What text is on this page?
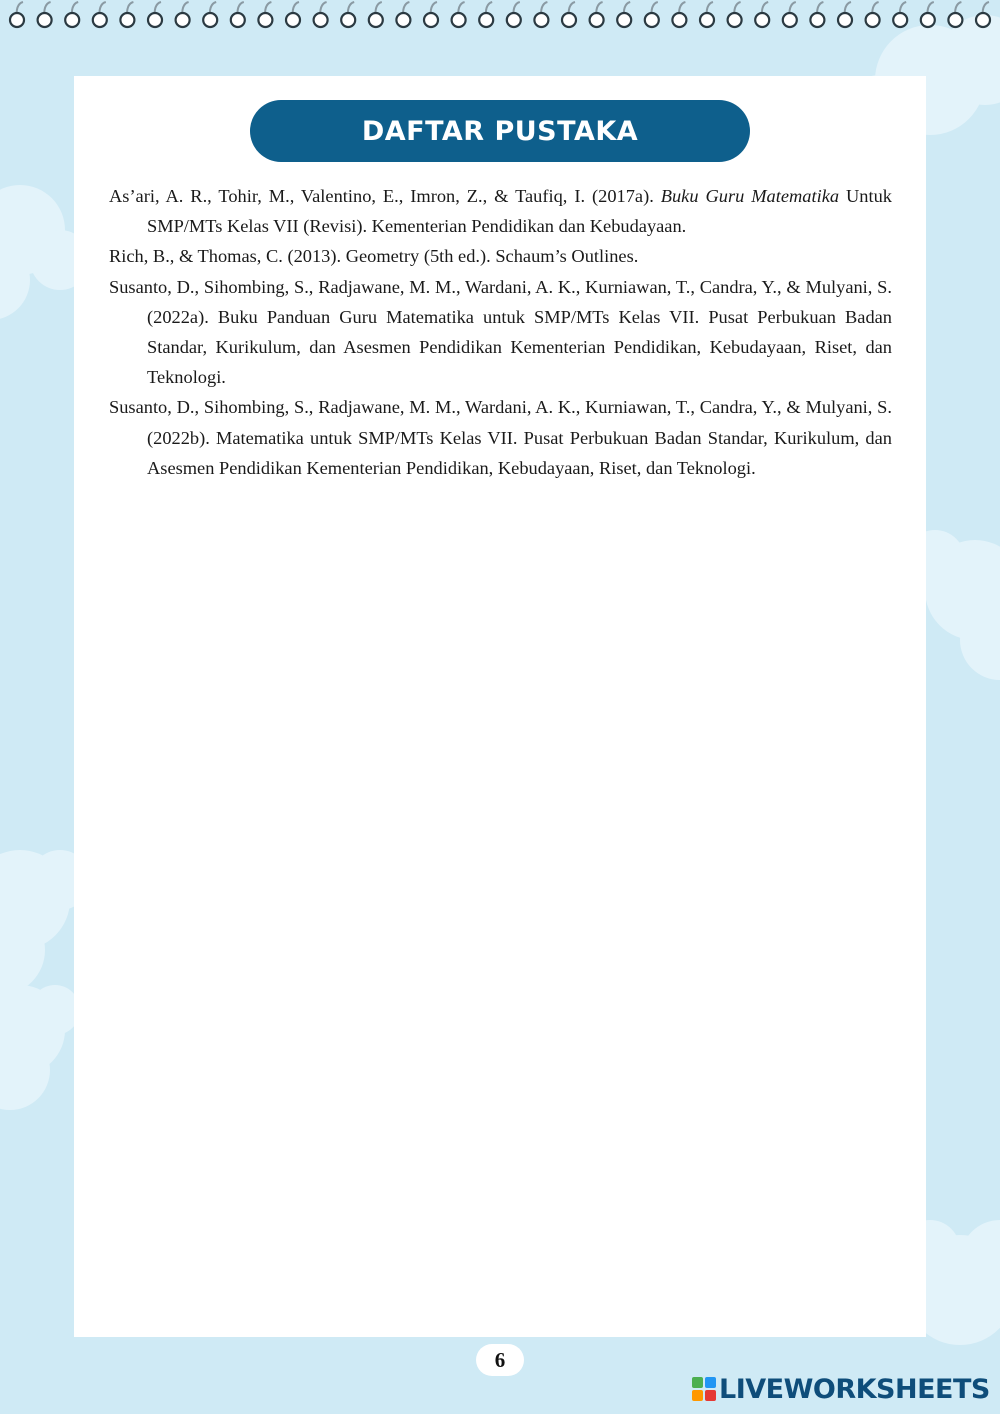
DAFTAR PUSTAKA

As’ari, A. R., Tohir, M., Valentino, E., Imron, Z., & Taufiq, I. (2017a). Buku Guru Matematika Untuk SMP/MTs Kelas VII (Revisi). Kementerian Pendidikan dan Kebudayaan.

Rich, B., & Thomas, C. (2013). Geometry (5th ed.). Schaum’s Outlines.

Susanto, D., Sihombing, S., Radjawane, M. M., Wardani, A. K., Kurniawan, T., Candra, Y., & Mulyani, S. (2022a). Buku Panduan Guru Matematika untuk SMP/MTs Kelas VII. Pusat Perbukuan Badan Standar, Kurikulum, dan Asesmen Pendidikan Kementerian Pendidikan, Kebudayaan, Riset, dan Teknologi.

Susanto, D., Sihombing, S., Radjawane, M. M., Wardani, A. K., Kurniawan, T., Candra, Y., & Mulyani, S. (2022b). Matematika untuk SMP/MTs Kelas VII. Pusat Perbukuan Badan Standar, Kurikulum, dan Asesmen Pendidikan Kementerian Pendidikan, Kebudayaan, Riset, dan Teknologi.

6
LIVEWORKSHEETS
